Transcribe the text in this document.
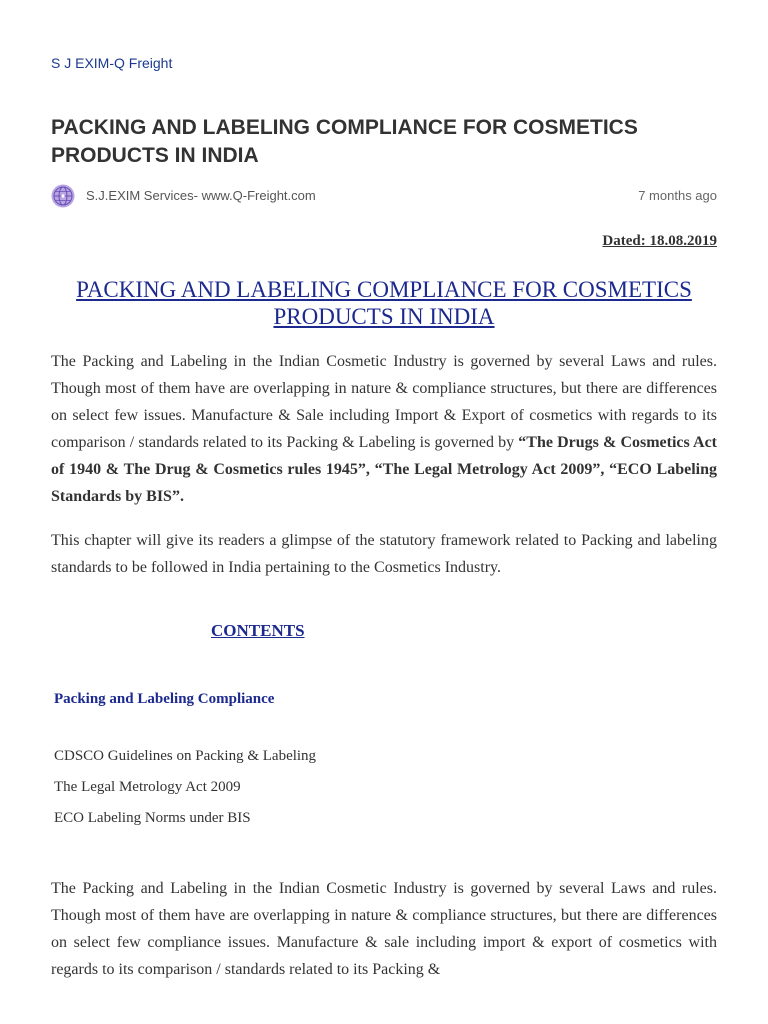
S J EXIM-Q Freight
PACKING AND LABELING COMPLIANCE FOR COSMETICS PRODUCTS IN INDIA
S.J.EXIM Services- www.Q-Freight.com	7 months ago
Dated: 18.08.2019
PACKING AND LABELING COMPLIANCE FOR COSMETICS PRODUCTS IN INDIA

The Packing and Labeling in the Indian Cosmetic Industry is governed by several Laws and rules. Though most of them have are overlapping in nature & compliance structures, but there are differences on select few issues. Manufacture & Sale including Import & Export of cosmetics with regards to its comparison / standards related to its Packing & Labeling is governed by “The Drugs & Cosmetics Act of 1940 & The Drug & Cosmetics rules 1945”, “The Legal Metrology Act 2009”, “ECO Labeling Standards by BIS”.

This chapter will give its readers a glimpse of the statutory framework related to Packing and labeling standards to be followed in India pertaining to the Cosmetics Industry.

CONTENTS
Packing and Labeling Compliance
CDSCO Guidelines on Packing & Labeling
The Legal Metrology Act 2009
ECO Labeling Norms under BIS

The Packing and Labeling in the Indian Cosmetic Industry is governed by several Laws and rules. Though most of them have are overlapping in nature & compliance structures, but there are differences on select few compliance issues. Manufacture & sale including import & export of cosmetics with regards to its comparison / standards related to its Packing &
